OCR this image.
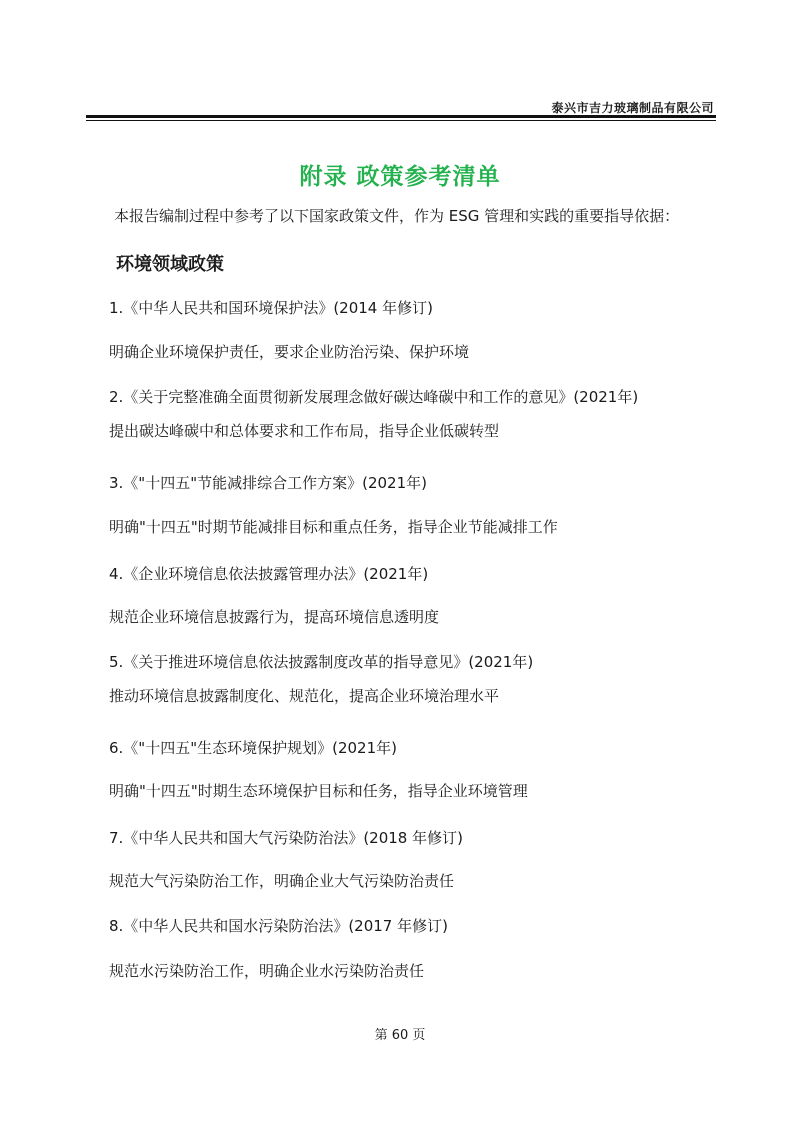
泰兴市吉力玻璃制品有限公司
附录 政策参考清单
本报告编制过程中参考了以下国家政策文件，作为 ESG 管理和实践的重要指导依据：
环境领域政策
1.《中华人民共和国环境保护法》(2014 年修订)
明确企业环境保护责任，要求企业防治污染、保护环境
2.《关于完整准确全面贯彻新发展理念做好碳达峰碳中和工作的意见》(2021年)
提出碳达峰碳中和总体要求和工作布局，指导企业低碳转型
3.《"十四五"节能减排综合工作方案》(2021年)
明确"十四五"时期节能减排目标和重点任务，指导企业节能减排工作
4.《企业环境信息依法披露管理办法》(2021年)
规范企业环境信息披露行为，提高环境信息透明度
5.《关于推进环境信息依法披露制度改革的指导意见》(2021年)
推动环境信息披露制度化、规范化，提高企业环境治理水平
6.《"十四五"生态环境保护规划》(2021年)
明确"十四五"时期生态环境保护目标和任务，指导企业环境管理
7.《中华人民共和国大气污染防治法》(2018 年修订)
规范大气污染防治工作，明确企业大气污染防治责任
8.《中华人民共和国水污染防治法》(2017 年修订)
规范水污染防治工作，明确企业水污染防治责任
第 60 页
